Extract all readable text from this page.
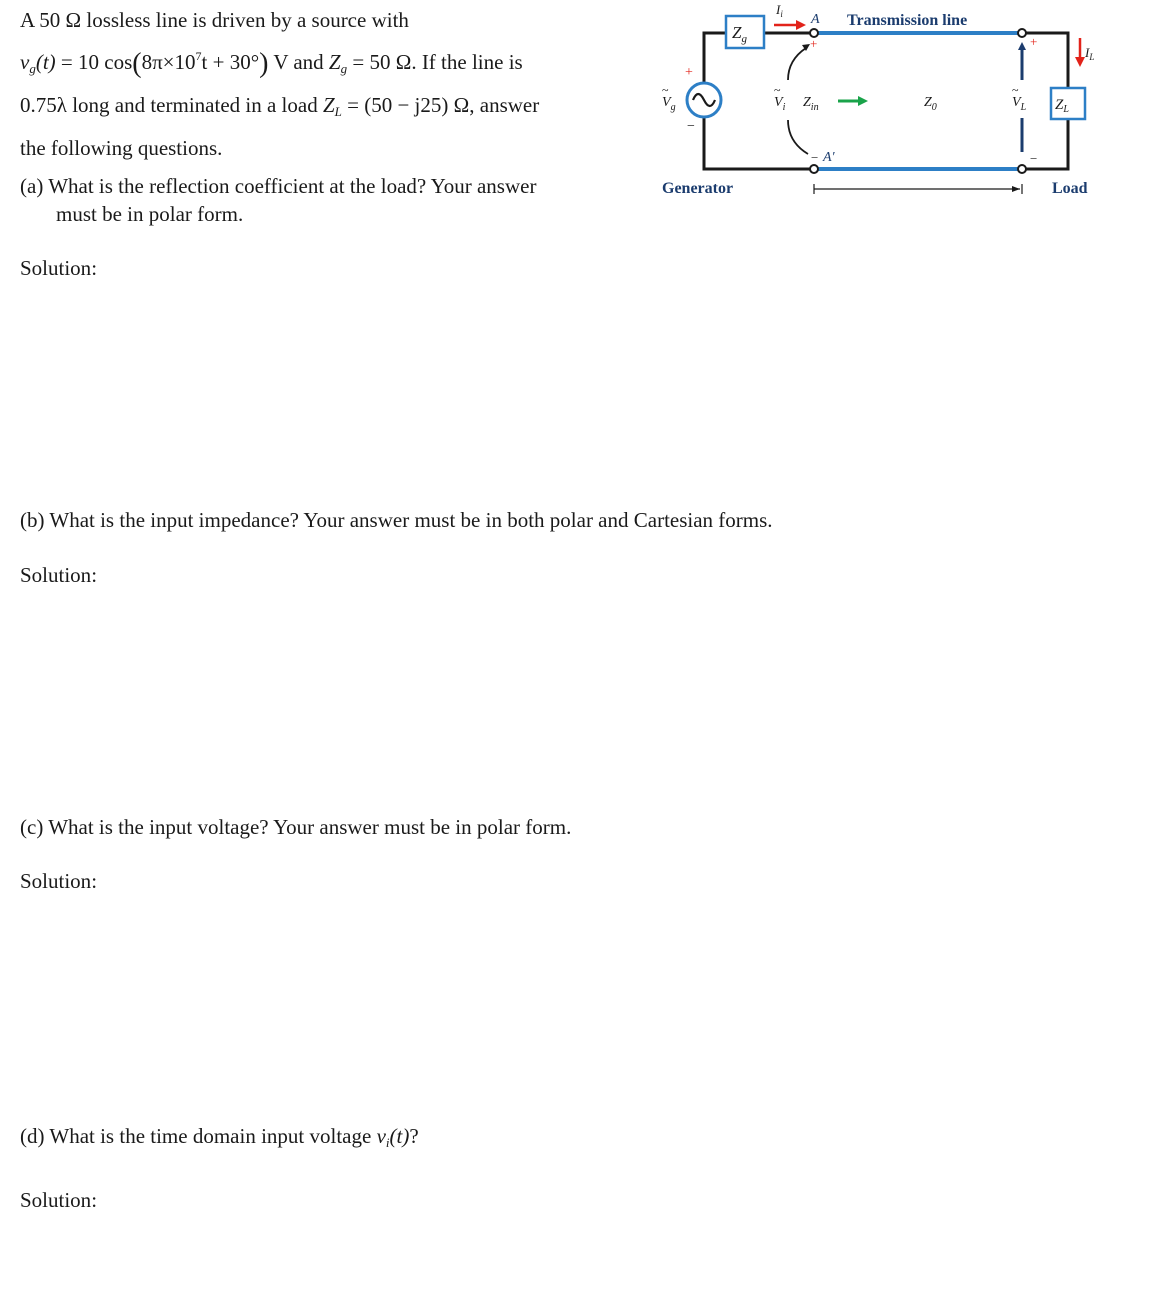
A 50 Ω lossless line is driven by a source with
$v_g(t) = 10$ $\cos(8\pi\times 10^7t + 30^\circ)$ V and $Z_g = 50$ Ω. If the line is
0.75λ long and terminated in a load $Z_L = (50 - j25)$ Ω, answer
the following questions.
(a) What is the reflection coefficient at the load? Your answer
must be in polar form.
Solution:
(b) What is the input impedance? Your answer must be in both polar and Cartesian forms.
Solution:
(c) What is the input voltage? Your answer must be in polar form.
Solution:
(d) What is the time domain input voltage $v_i(t)$?
Solution:
$Z_g$
+
−
$V_g$
~
Transmission line
A
A′
+
−
$I_i$
$V_i$
~
$Z_{in}$	$Z_0$	$Z_L$
+
−
$V_L$
~
$I_L$
Generator	Load
